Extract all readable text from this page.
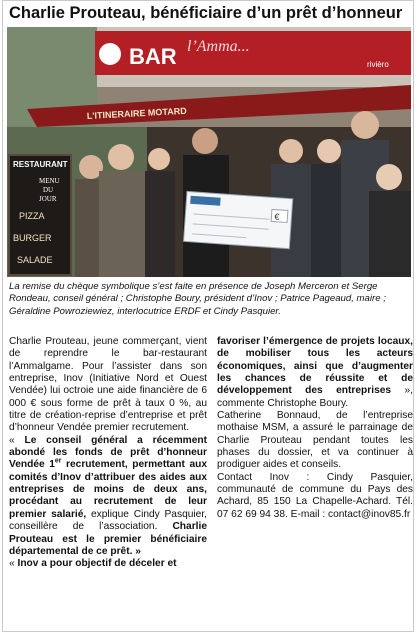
Charlie Prouteau, bénéficiaire d’un prêt d’honneur
BAR l’Amma...
rivièro
L'ITINERAIRE MOTARD
RESTAURANT
MENU
DU
JOUR
PIZZA
BURGER
SALADE
€

La remise du chèque symbolique s’est faite en présence de Joseph Merceron et Serge Rondeau, conseil général ; Christophe Boury, président d’Inov ; Patrice Pageaud, maire ; Géraldine Powroziewiez, interlocutrice ERDF et Cindy Pasquier.

Charlie Prouteau, jeune commerçant, vient de reprendre le bar-restaurant l’Ammalgame. Pour l’assister dans son entreprise, Inov (Initiative Nord et Ouest Vendée) lui octroie une aide financière de 6 000 € sous forme de prêt à taux 0 %, au titre de création-reprise d’entreprise et prêt d’honneur Vendée premier recrutement.

« Le conseil général a récemment abondé les fonds de prêt d’honneur Vendée 1er recrutement, permettant aux comités d’Inov d’attribuer des aides aux entreprises de moins de deux ans, procédant au recrutement de leur premier salarié, explique Cindy Pasquier, conseillère de l’association. Charlie Prouteau est le premier bénéficiaire départemental de ce prêt. »

« Inov a pour objectif de déceler et

favoriser l’émergence de projets locaux, de mobiliser tous les acteurs économiques, ainsi que d’augmenter les chances de réussite et de développement des entreprises », commente Christophe Boury.

Catherine Bonnaud, de l’entreprise mothaise MSM, a assuré le parrainage de Charlie Prouteau pendant toutes les phases du dossier, et va continuer à prodiguer aides et conseils.

Contact Inov : Cindy Pasquier, communauté de commune du Pays des Achard, 85 150 La Chapelle-Achard. Tél. 07 62 69 94 38. E-mail : contact@inov85.fr
